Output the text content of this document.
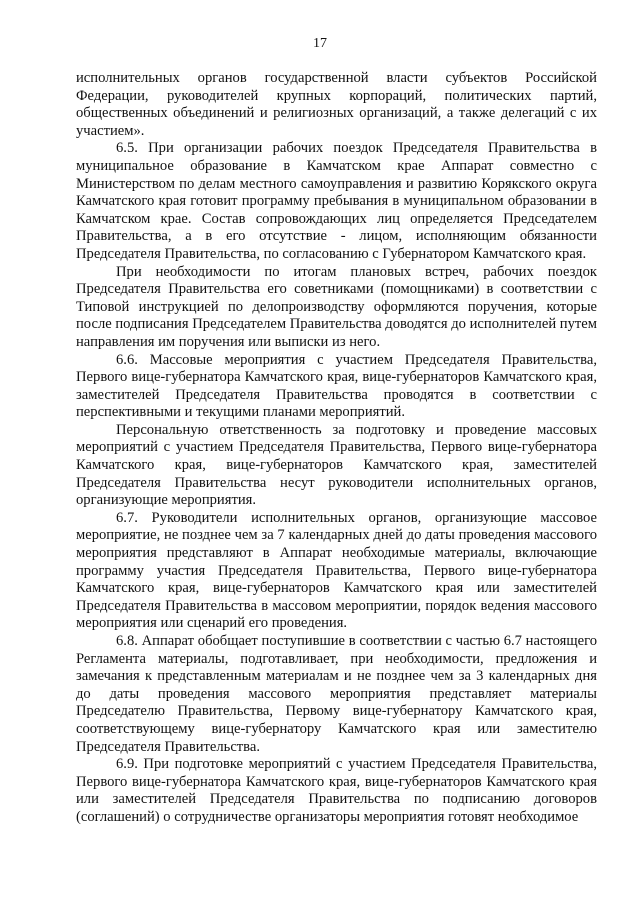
17

исполнительных органов государственной власти субъектов Российской Федерации, руководителей крупных корпораций, политических партий, общественных объединений и религиозных организаций, а также делегаций с их участием».

6.5. При организации рабочих поездок Председателя Правительства в муниципальное образование в Камчатском крае Аппарат совместно с Министерством по делам местного самоуправления и развитию Корякского округа Камчатского края готовит программу пребывания в муниципальном образовании в Камчатском крае. Состав сопровождающих лиц определяется Председателем Правительства, а в его отсутствие - лицом, исполняющим обязанности Председателя Правительства, по согласованию с Губернатором Камчатского края.

При необходимости по итогам плановых встреч, рабочих поездок Председателя Правительства его советниками (помощниками) в соответствии с Типовой инструкцией по делопроизводству оформляются поручения, которые после подписания Председателем Правительства доводятся до исполнителей путем направления им поручения или выписки из него.

6.6. Массовые мероприятия с участием Председателя Правительства, Первого вице-губернатора Камчатского края, вице-губернаторов Камчатского края, заместителей Председателя Правительства проводятся в соответствии с перспективными и текущими планами мероприятий.

Персональную ответственность за подготовку и проведение массовых мероприятий с участием Председателя Правительства, Первого вице-губернатора Камчатского края, вице-губернаторов Камчатского края, заместителей Председателя Правительства несут руководители исполнительных органов, организующие мероприятия.

6.7. Руководители исполнительных органов, организующие массовое мероприятие, не позднее чем за 7 календарных дней до даты проведения массового мероприятия представляют в Аппарат необходимые материалы, включающие программу участия Председателя Правительства, Первого вице-губернатора Камчатского края, вице-губернаторов Камчатского края или заместителей Председателя Правительства в массовом мероприятии, порядок ведения массового мероприятия или сценарий его проведения.

6.8. Аппарат обобщает поступившие в соответствии с частью 6.7 настоящего Регламента материалы, подготавливает, при необходимости, предложения и замечания к представленным материалам и не позднее чем за 3 календарных дня до даты проведения массового мероприятия представляет материалы Председателю Правительства, Первому вице-губернатору Камчатского края, соответствующему вице-губернатору Камчатского края или заместителю Председателя Правительства.

6.9. При подготовке мероприятий с участием Председателя Правительства, Первого вице-губернатора Камчатского края, вице-губернаторов Камчатского края или заместителей Председателя Правительства по подписанию договоров (соглашений) о сотрудничестве организаторы мероприятия готовят необходимое
